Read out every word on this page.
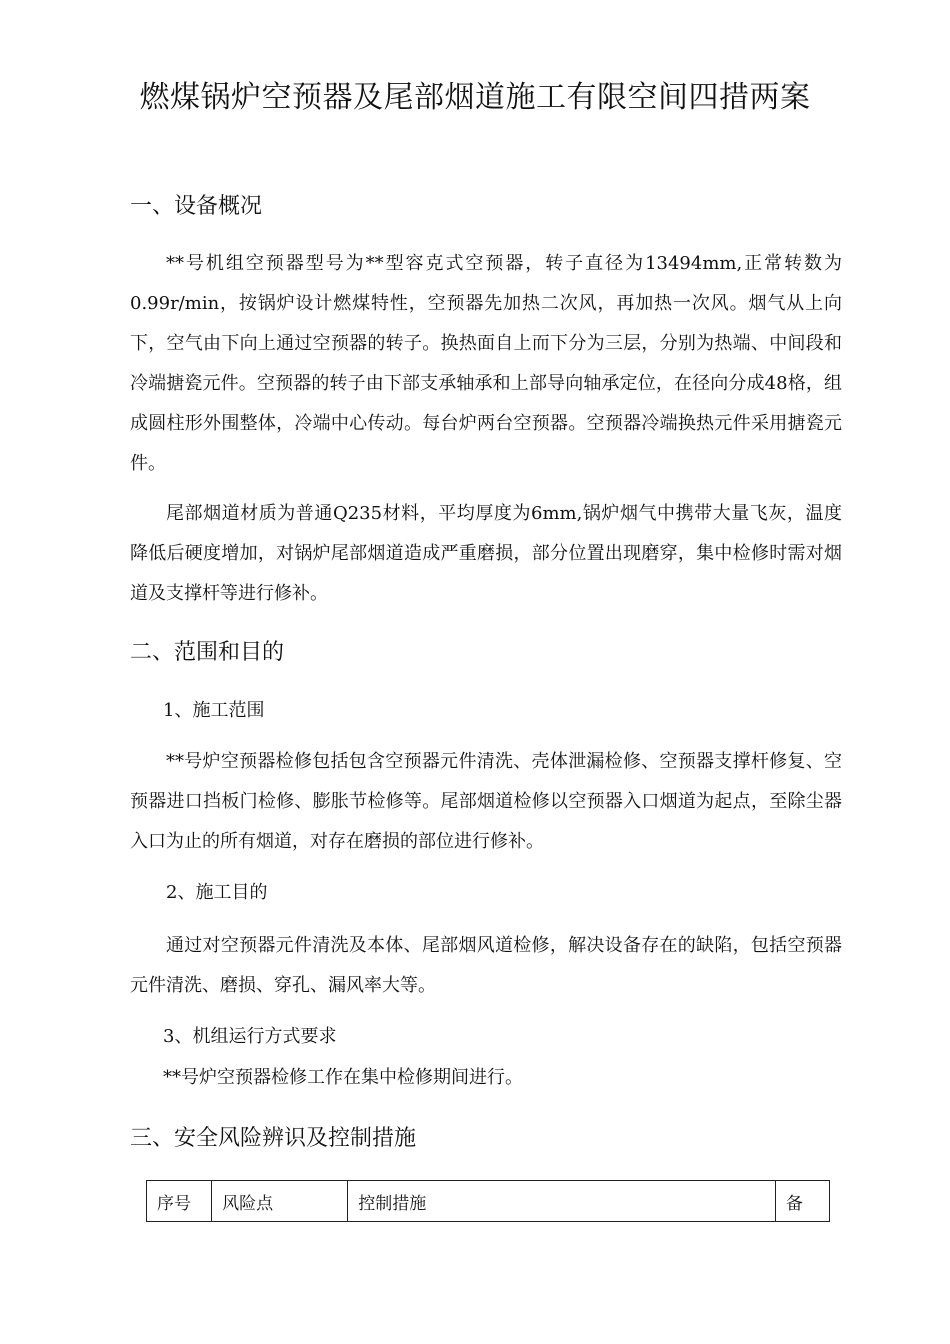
燃煤锅炉空预器及尾部烟道施工有限空间四措两案
一、设备概况

**号机组空预器型号为**型容克式空预器，转子直径为13494mm,正常转数为0.99r/min，按锅炉设计燃煤特性，空预器先加热二次风，再加热一次风。烟气从上向下，空气由下向上通过空预器的转子。换热面自上而下分为三层，分别为热端、中间段和冷端搪瓷元件。空预器的转子由下部支承轴承和上部导向轴承定位，在径向分成48格，组成圆柱形外围整体，冷端中心传动。每台炉两台空预器。空预器冷端换热元件采用搪瓷元件。

尾部烟道材质为普通Q235材料，平均厚度为6mm,锅炉烟气中携带大量飞灰，温度降低后硬度增加，对锅炉尾部烟道造成严重磨损，部分位置出现磨穿，集中检修时需对烟道及支撑杆等进行修补。

二、范围和目的
1、施工范围

**号炉空预器检修包括包含空预器元件清洗、壳体泄漏检修、空预器支撑杆修复、空预器进口挡板门检修、膨胀节检修等。尾部烟道检修以空预器入口烟道为起点，至除尘器入口为止的所有烟道，对存在磨损的部位进行修补。

2、施工目的

通过对空预器元件清洗及本体、尾部烟风道检修，解决设备存在的缺陷，包括空预器元件清洗、磨损、穿孔、漏风率大等。

3、机组运行方式要求

**号炉空预器检修工作在集中检修期间进行。

三、安全风险辨识及控制措施
序号	风险点	控制措施	备
